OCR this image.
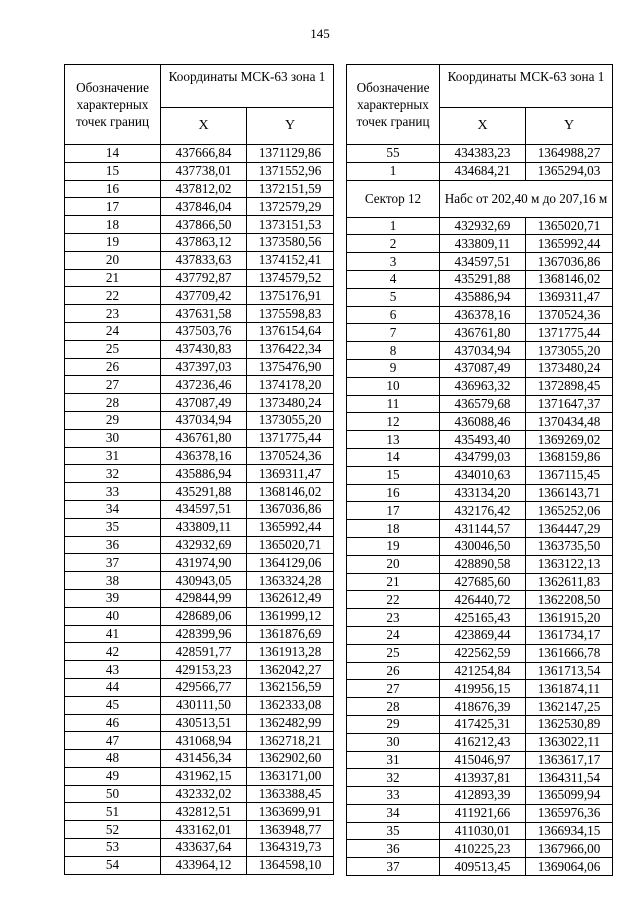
145
Обозначение характерных точек границ	Координаты МСК-63 зона 1	
	X	Y
14	437666,84	1371129,86
15	437738,01	1371552,96
16	437812,02	1372151,59
17	437846,04	1372579,29
18	437866,50	1373151,53
19	437863,12	1373580,56
20	437833,63	1374152,41
21	437792,87	1374579,52
22	437709,42	1375176,91
23	437631,58	1375598,83
24	437503,76	1376154,64
25	437430,83	1376422,34
26	437397,03	1375476,90
27	437236,46	1374178,20
28	437087,49	1373480,24
29	437034,94	1373055,20
30	436761,80	1371775,44
31	436378,16	1370524,36
32	435886,94	1369311,47
33	435291,88	1368146,02
34	434597,51	1367036,86
35	433809,11	1365992,44
36	432932,69	1365020,71
37	431974,90	1364129,06
38	430943,05	1363324,28
39	429844,99	1362612,49
40	428689,06	1361999,12
41	428399,96	1361876,69
42	428591,77	1361913,28
43	429153,23	1362042,27
44	429566,77	1362156,59
45	430111,50	1362333,08
46	430513,51	1362482,99
47	431068,94	1362718,21
48	431456,34	1362902,60
49	431962,15	1363171,00
50	432332,02	1363388,45
51	432812,51	1363699,91
52	433162,01	1363948,77
53	433637,64	1364319,73
54	433964,12	1364598,10
Обозначение характерных точек границ	Координаты МСК-63 зона 1	
	X	Y
55	434383,23	1364988,27
1	434684,21	1365294,03
Сектор 12	Набс от 202,40 м до 207,16 м	
1	432932,69	1365020,71
2	433809,11	1365992,44
3	434597,51	1367036,86
4	435291,88	1368146,02
5	435886,94	1369311,47
6	436378,16	1370524,36
7	436761,80	1371775,44
8	437034,94	1373055,20
9	437087,49	1373480,24
10	436963,32	1372898,45
11	436579,68	1371647,37
12	436088,46	1370434,48
13	435493,40	1369269,02
14	434799,03	1368159,86
15	434010,63	1367115,45
16	433134,20	1366143,71
17	432176,42	1365252,06
18	431144,57	1364447,29
19	430046,50	1363735,50
20	428890,58	1363122,13
21	427685,60	1362611,83
22	426440,72	1362208,50
23	425165,43	1361915,20
24	423869,44	1361734,17
25	422562,59	1361666,78
26	421254,84	1361713,54
27	419956,15	1361874,11
28	418676,39	1362147,25
29	417425,31	1362530,89
30	416212,43	1363022,11
31	415046,97	1363617,17
32	413937,81	1364311,54
33	412893,39	1365099,94
34	411921,66	1365976,36
35	411030,01	1366934,15
36	410225,23	1367966,00
37	409513,45	1369064,06
